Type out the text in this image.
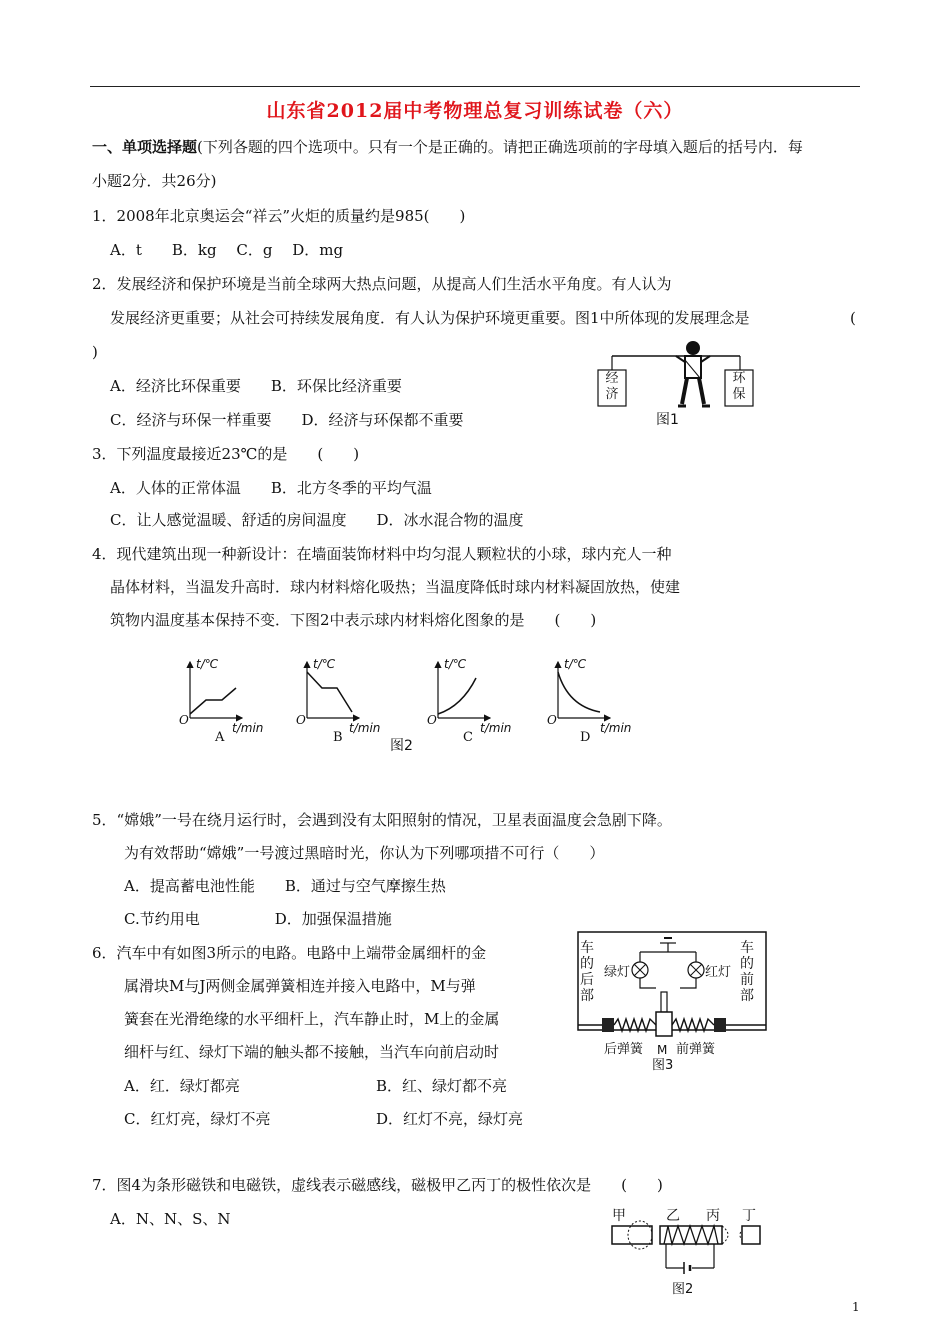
山东省2012届中考物理总复习训练试卷（六）
一、单项选择题(下列各题的四个选项中。只有一个是正确的。请把正确选项前的字母填入题后的括号内．每
小题2分．共26分)
1．2008年北京奥运会“祥云”火炬的质量约是985(　　)
A．t　　B．kg　 C．g　 D．mg
2．发展经济和保护环境是当前全球两大热点问题，从提高人们生活水平角度。有人认为
发展经济更重要；从社会可持续发展角度．有人认为保护环境更重要。图1中所体现的发展理念是	(
)
A．经济比环保重要　　B．环保比经济重要
C．经济与环保一样重要　　D．经济与环保都不重要
经济
环保
图1
3．下列温度最接近23℃的是　　(　　)
A．人体的正常体温　　B．北方冬季的平均气温
C．让人感觉温暖、舒适的房间温度　　D．冰水混合物的温度
4．现代建筑出现一种新设计：在墙面装饰材料中均匀混人颗粒状的小球，球内充人一种
晶体材料，当温发升高时．球内材料熔化吸热；当温度降低时球内材料凝固放热，使建
筑物内温度基本保持不变．下图2中表示球内材料熔化图象的是　　(　　)
t/℃
t/min
O
A
t/℃
t/min
O
B
t/℃
t/min
O
C
t/℃
t/min
O
D
图2
5．“嫦娥”一号在绕月运行时，会遇到没有太阳照射的情况，卫星表面温度会急剧下降。
为有效帮助“嫦娥”一号渡过黑暗时光，你认为下列哪项措不可行（　　）
A．提高蓄电池性能　　B．通过与空气摩擦生热
C.节约用电　　　　　D．加强保温措施
6．汽车中有如图3所示的电路。电路中上端带金属细杆的金
属滑块M与J两侧金属弹簧相连并接入电路中，M与弹
簧套在光滑绝缘的水平细杆上，汽车静止时，M上的金属
细杆与红、绿灯下端的触头都不接触，当汽车向前启动时
A．红．绿灯都亮	B．红、绿灯都不亮
C．红灯亮，绿灯不亮	D．红灯不亮，绿灯亮
车的后部
车的前部
绿灯	红灯
后弹簧	前弹簧
M
图3
7．图4为条形磁铁和电磁铁，虚线表示磁感线，磁极甲乙丙丁的极性依次是　　(　　)
A．N、N、S、N	甲	乙 丙 丁
图2
1
